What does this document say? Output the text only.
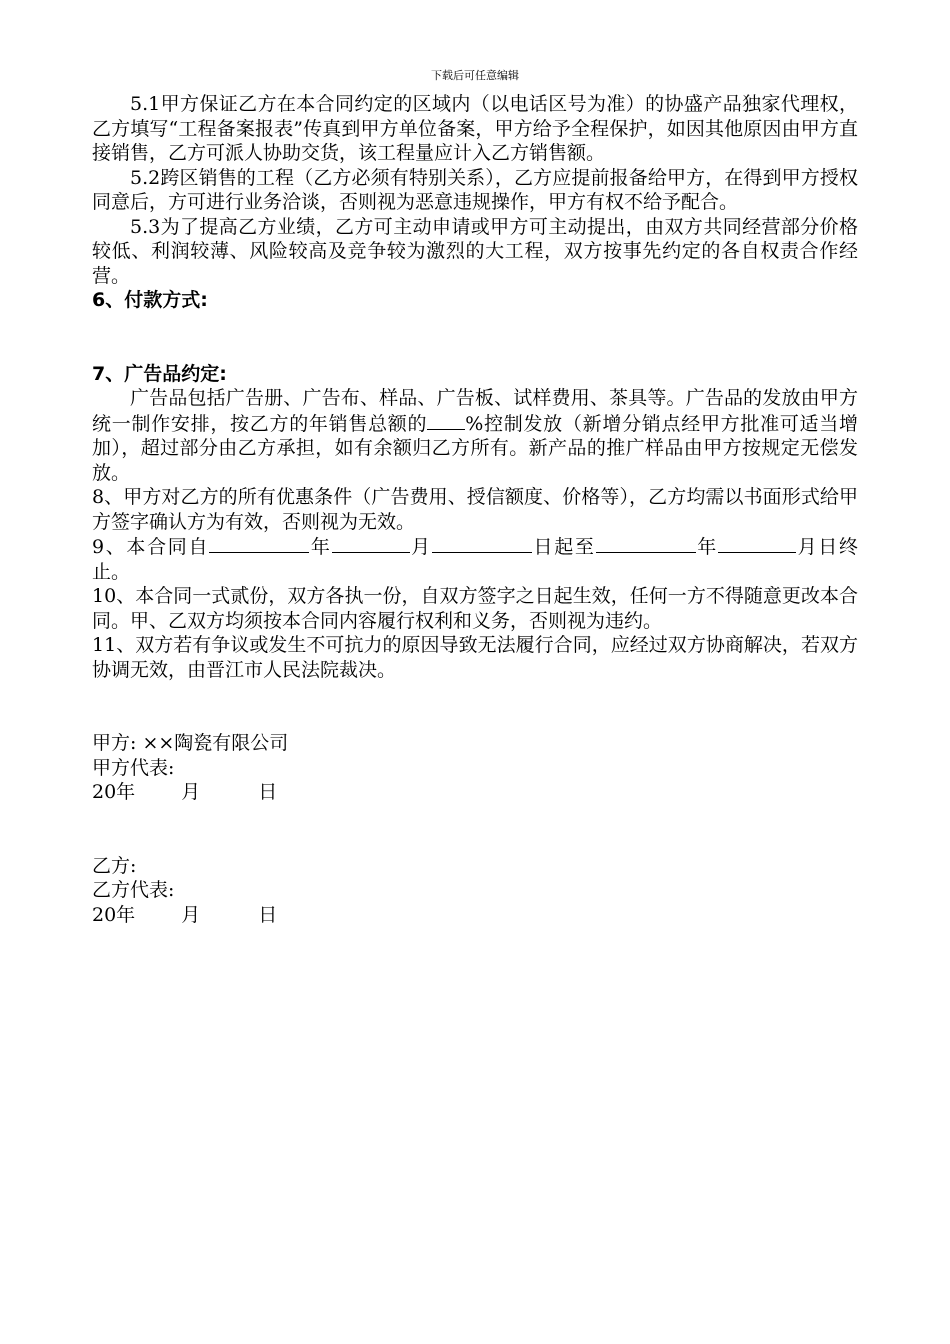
下载后可任意编辑

5.1甲方保证乙方在本合同约定的区域内（以电话区号为准）的协盛产品独家代理权，乙方填写“工程备案报表”传真到甲方单位备案，甲方给予全程保护，如因其他原因由甲方直接销售，乙方可派人协助交货，该工程量应计入乙方销售额。

5.2跨区销售的工程（乙方必须有特别关系），乙方应提前报备给甲方，在得到甲方授权同意后，方可进行业务洽谈，否则视为恶意违规操作，甲方有权不给予配合。

5.3为了提高乙方业绩，乙方可主动申请或甲方可主动提出，由双方共同经营部分价格较低、利润较薄、风险较高及竞争较为激烈的大工程，双方按事先约定的各自权责合作经营。

6、付款方式:

7、广告品约定:

广告品包括广告册、广告布、样品、广告板、试样费用、茶具等。广告品的发放由甲方统一制作安排，按乙方的年销售总额的 %控制发放（新增分销点经甲方批准可适当增加），超过部分由乙方承担，如有余额归乙方所有。新产品的推广样品由甲方按规定无偿发放。

8、甲方对乙方的所有优惠条件（广告费用、授信额度、价格等），乙方均需以书面形式给甲方签字确认方为有效，否则视为无效。

9、本合同自	年	月	日起至	年	月日终止。

10、本合同一式贰份，双方各执一份，自双方签字之日起生效，任何一方不得随意更改本合同。甲、乙双方均须按本合同内容履行权利和义务，否则视为违约。

11、双方若有争议或发生不可抗力的原因导致无法履行合同，应经过双方协商解决，若双方协调无效，由晋江市人民法院裁决。

甲方: ××陶瓷有限公司

甲方代表:

20年 月	日

乙方:

乙方代表:

20年 月	日
